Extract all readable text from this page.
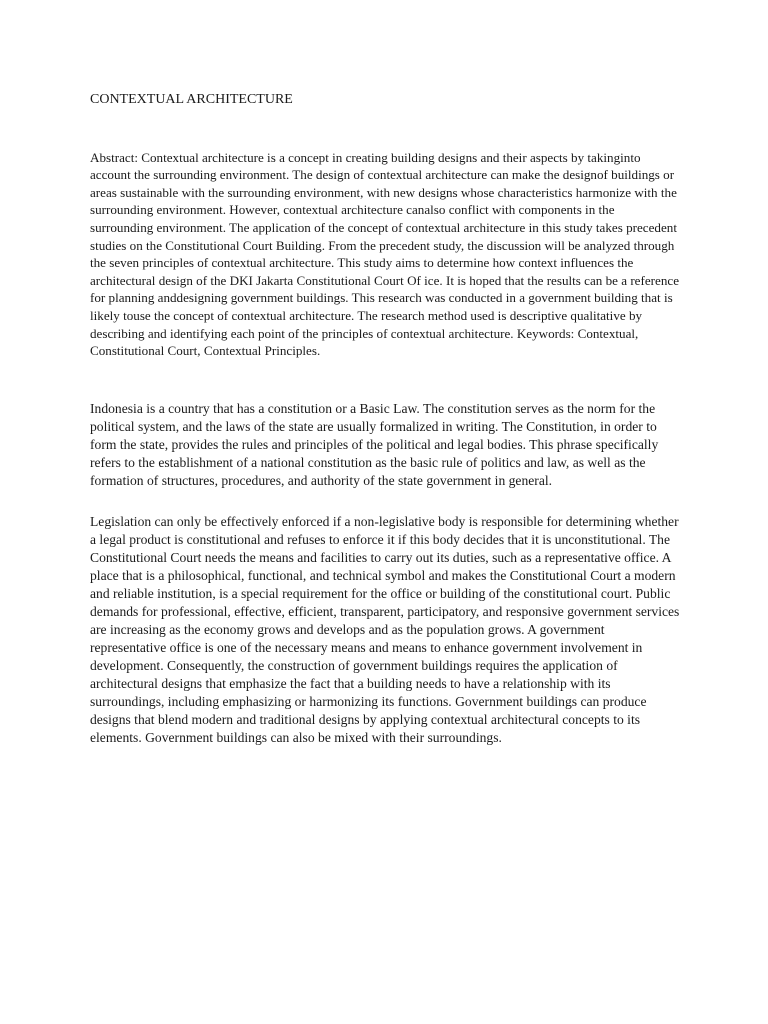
CONTEXTUAL ARCHITECTURE

Abstract: Contextual architecture is a concept in creating building designs and their aspects by takinginto account the surrounding environment. The design of contextual architecture can make the designof buildings or areas sustainable with the surrounding environment, with new designs whose characteristics harmonize with the surrounding environment. However, contextual architecture canalso conflict with components in the surrounding environment. The application of the concept of contextual architecture in this study takes precedent studies on the Constitutional Court Building. From the precedent study, the discussion will be analyzed through the seven principles of contextual architecture. This study aims to determine how context influences the architectural design of the DKI Jakarta Constitutional Court Of ice. It is hoped that the results can be a reference for planning anddesigning government buildings. This research was conducted in a government building that is likely touse the concept of contextual architecture. The research method used is descriptive qualitative by describing and identifying each point of the principles of contextual architecture. Keywords: Contextual, Constitutional Court, Contextual Principles.

Indonesia is a country that has a constitution or a Basic Law. The constitution serves as the norm for the political system, and the laws of the state are usually formalized in writing. The Constitution, in order to form the state, provides the rules and principles of the political and legal bodies. This phrase specifically refers to the establishment of a national constitution as the basic rule of politics and law, as well as the formation of structures, procedures, and authority of the state government in general.

Legislation can only be effectively enforced if a non-legislative body is responsible for determining whether a legal product is constitutional and refuses to enforce it if this body decides that it is unconstitutional. The Constitutional Court needs the means and facilities to carry out its duties, such as a representative office. A place that is a philosophical, functional, and technical symbol and makes the Constitutional Court a modern and reliable institution, is a special requirement for the office or building of the constitutional court. Public demands for professional, effective, efficient, transparent, participatory, and responsive government services are increasing as the economy grows and develops and as the population grows. A government representative office is one of the necessary means and means to enhance government involvement in development. Consequently, the construction of government buildings requires the application of architectural designs that emphasize the fact that a building needs to have a relationship with its surroundings, including emphasizing or harmonizing its functions. Government buildings can produce designs that blend modern and traditional designs by applying contextual architectural concepts to its elements. Government buildings can also be mixed with their surroundings.
